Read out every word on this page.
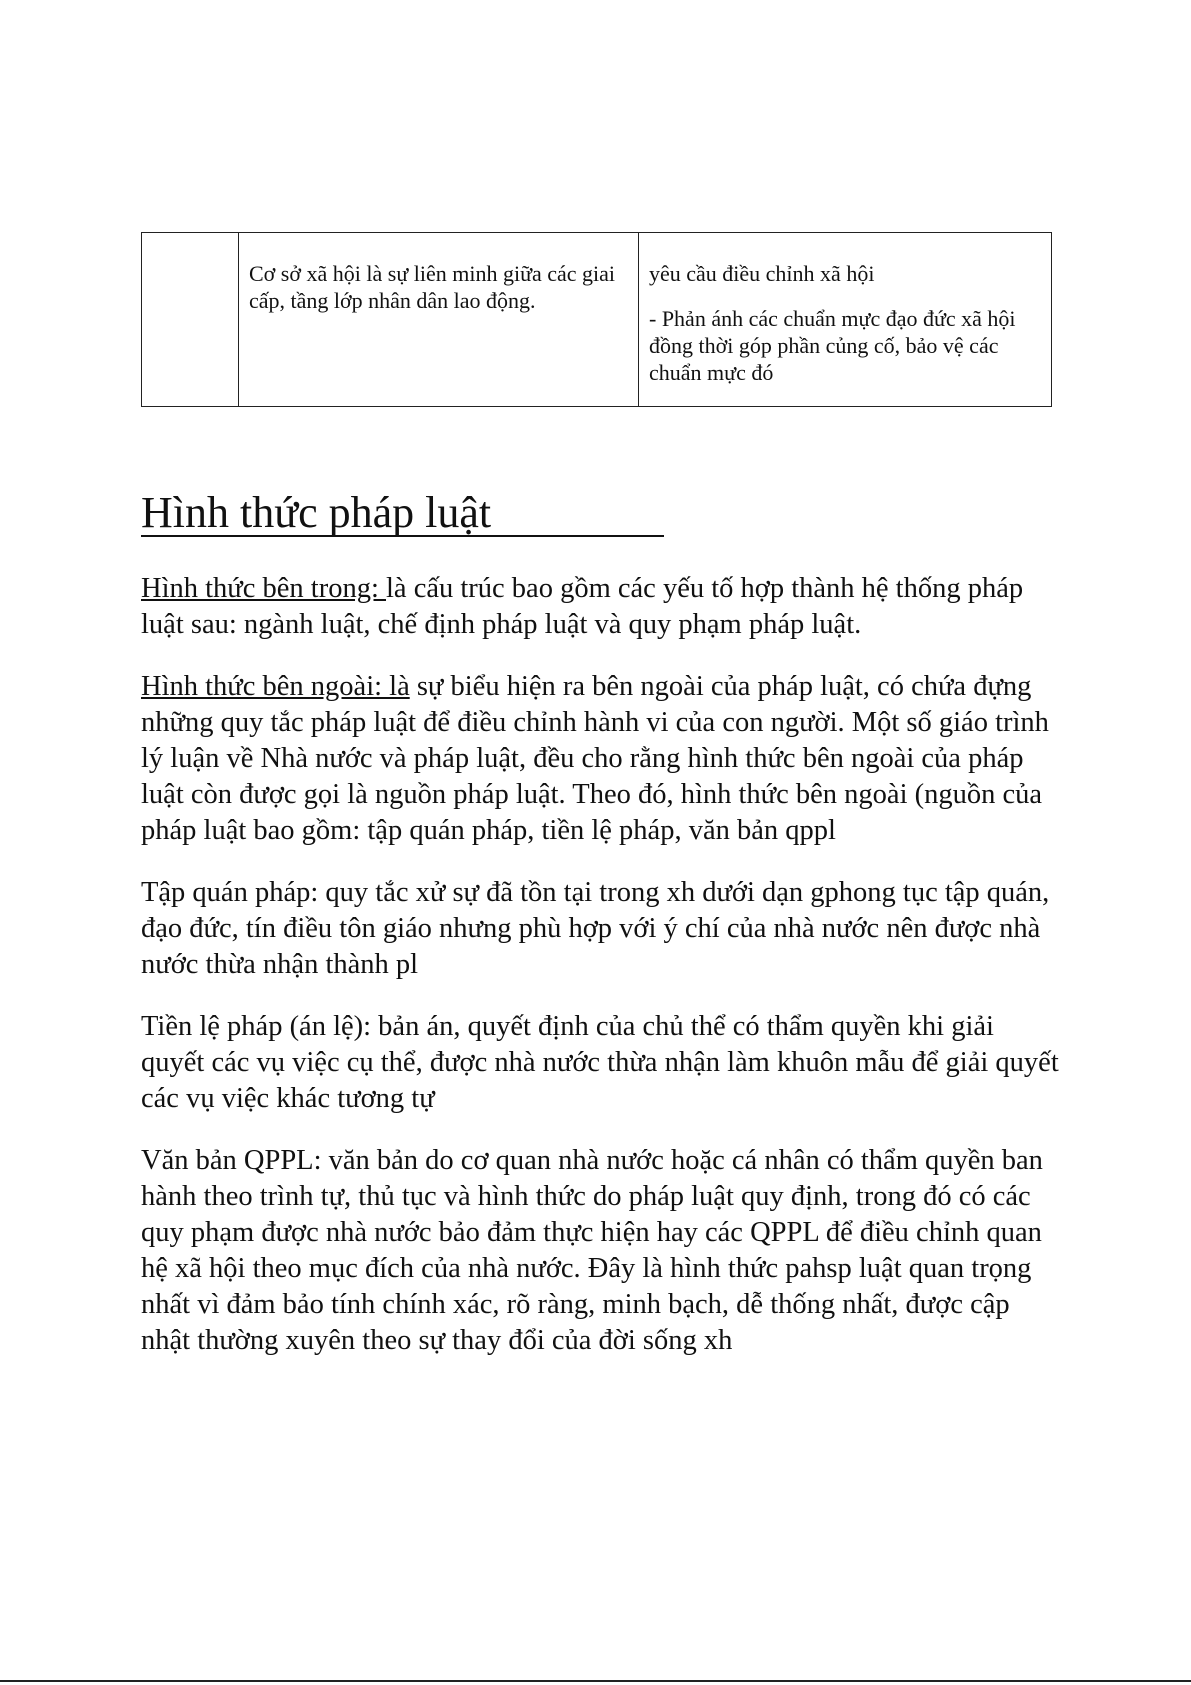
Cơ sở xã hội là sự liên minh giữa các giai cấp, tầng lớp nhân dân lao động.

yêu cầu điều chỉnh xã hội

- Phản ánh các chuẩn mực đạo đức xã hội đồng thời góp phần củng cố, bảo vệ các chuẩn mực đó

Hình thức pháp luật

Hình thức bên trong: là cấu trúc bao gồm các yếu tố hợp thành hệ thống pháp luật sau: ngành luật, chế định pháp luật và quy phạm pháp luật.

Hình thức bên ngoài: là sự biểu hiện ra bên ngoài của pháp luật, có chứa đựng những quy tắc pháp luật để điều chỉnh hành vi của con người. Một số giáo trình lý luận về Nhà nước và pháp luật, đều cho rằng hình thức bên ngoài của pháp luật còn được gọi là nguồn pháp luật. Theo đó, hình thức bên ngoài (nguồn của pháp luật bao gồm: tập quán pháp, tiền lệ pháp, văn bản qppl

Tập quán pháp: quy tắc xử sự đã tồn tại trong xh dưới dạn gphong tục tập quán, đạo đức, tín điều tôn giáo nhưng phù hợp với ý chí của nhà nước nên được nhà nước thừa nhận thành pl

Tiền lệ pháp (án lệ): bản án, quyết định của chủ thể có thẩm quyền khi giải quyết các vụ việc cụ thể, được nhà nước thừa nhận làm khuôn mẫu để giải quyết các vụ việc khác tương tự

Văn bản QPPL: văn bản do cơ quan nhà nước hoặc cá nhân có thẩm quyền ban hành theo trình tự, thủ tục và hình thức do pháp luật quy định, trong đó có các quy phạm được nhà nước bảo đảm thực hiện hay các QPPL để điều chỉnh quan hệ xã hội theo mục đích của nhà nước. Đây là hình thức pahsp luật quan trọng nhất vì đảm bảo tính chính xác, rõ ràng, minh bạch, dễ thống nhất, được cập nhật thường xuyên theo sự thay đổi của đời sống xh
